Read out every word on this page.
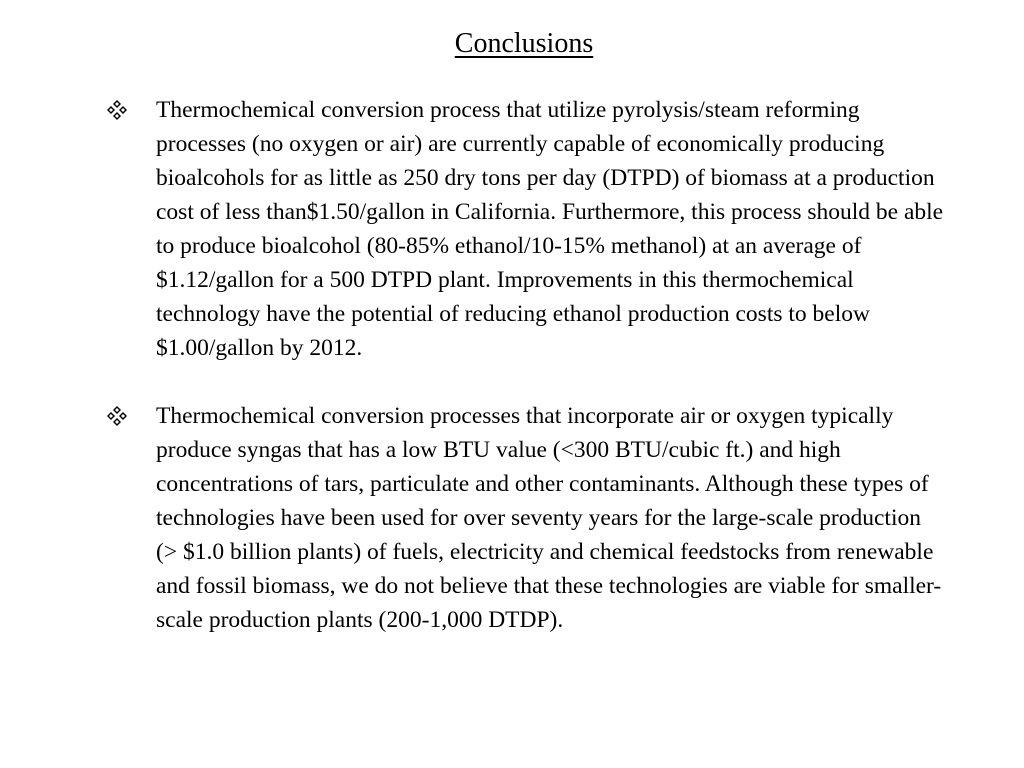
Conclusions
Thermochemical conversion process that utilize pyrolysis/steam reforming processes (no oxygen or air) are currently capable of economically producing bioalcohols for as little as 250 dry tons per day (DTPD) of biomass at a production cost of less than$1.50/gallon in California. Furthermore, this process should be able to produce bioalcohol (80-85% ethanol/10-15% methanol) at an average of $1.12/gallon for a 500 DTPD plant. Improvements in this thermochemical technology have the potential of reducing ethanol production costs to below $1.00/gallon by 2012.
Thermochemical conversion processes that incorporate air or oxygen typically produce syngas that has a low BTU value (<300 BTU/cubic ft.) and high concentrations of tars, particulate and other contaminants. Although these types of technologies have been used for over seventy years for the large-scale production (> $1.0 billion plants) of fuels, electricity and chemical feedstocks from renewable and fossil biomass, we do not believe that these technologies are viable for smaller-scale production plants (200-1,000 DTDP).
